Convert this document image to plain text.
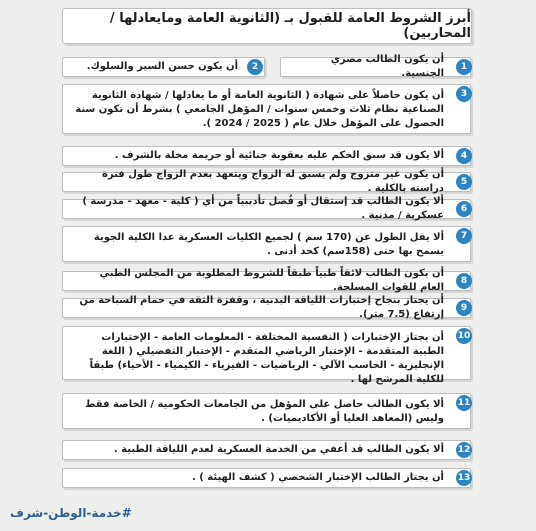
أبرز الشروط العامة للقبول بـ (الثانوية العامة ومايعادلها / المحاربين)
أن يكون الطالب مصري الجنسية.
1
أن يكون حسن السير والسلوك.	2
أن يكون حاصلاً على شهادة ( الثانوية العامة أو ما يعادلها / شهادة الثانوية الصناعية نظام ثلاث وخمس سنوات / المؤهل الجامعي ) بشرط أن تكون سنة الحصول على المؤهل خلال عام ( 2025 / 2024 ).
3
ألا يكون قد سبق الحكم عليه بعقوبة جنائية أو جريمة مخلة بالشرف .	4
أن يكون غير متزوج ولم يسبق له الزواج ويتعهد بعدم الزواج طول فترة دراسته بالكلية .
5
ألا يكون الطالب قد إستقال أو فُصل تأديبياً من أي ( كلية - معهد - مدرسة ) عسكرية / مدنية .
6
ألا يقل الطول عن (170 سم ) لجميع الكليات العسكرية عدا الكلية الجوية يسمح بها حتى (158سم) كحد أدنى .
7
أن يكون الطالب لائقاً طبياً طبقاً للشروط المطلوبة من المجلس الطبي العام للقوات المسلحة.
8
أن يجتاز بنجاح إختبارات اللياقة البدنية ، وقفزة الثقة في حمام السباحة من إرتفاع (7.5 متر).
9
أن يجتاز الإختبارات ( النفسية المختلفة - المعلومات العامة - الإختبارات الطبية المتقدمة - الإختبار الرياضي المتقدم - الإختبار التفضيلي ( اللغة الإنجليزية - الحاسب الآلي - الرياضيات - الفيزياء - الكيمياء - الأحياء) طبقاً للكلية المرشح لها .
10
ألا يكون الطالب حاصل على المؤهل من الجامعات الحكومية / الخاصة فقط وليس (المعاهد العليا أو الأكاديميات) .
11
ألا يكون الطالب قد أعفي من الخدمة العسكرية لعدم اللياقة الطبية . 12
أن يجتاز الطالب الإختبار الشخصي ( كشف الهيئة ) . 13
#خدمة-الوطن-شرف
